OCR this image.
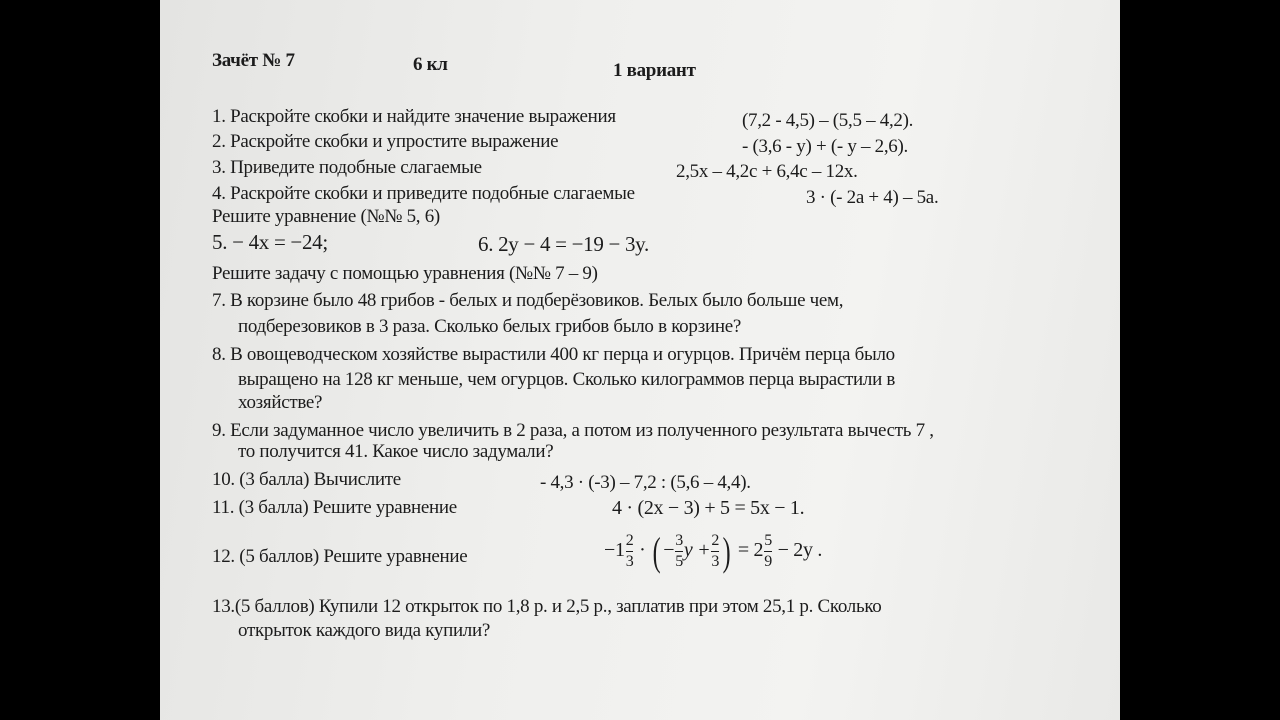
Зачёт № 7	6 кл	1 вариант
1. Раскройте скобки и найдите значение выражения	(7,2 - 4,5) – (5,5 – 4,2).
2. Раскройте скобки и упростите выражение	- (3,6 - y) + (- y – 2,6).
3. Приведите подобные слагаемые	2,5x – 4,2c + 6,4c – 12x.
4. Раскройте скобки и приведите подобные слагаемые	3 · (- 2a + 4) – 5a.
Решите уравнение (№№ 5, 6)
5. − 4x = −24;	6. 2y − 4 = −19 − 3y.
Решите задачу с помощью уравнения (№№ 7 – 9)
7. В корзине было 48 грибов - белых и подберёзовиков. Белых было больше чем,
подберезовиков в 3 раза. Сколько белых грибов было в корзине?
8. В овощеводческом хозяйстве вырастили 400 кг перца и огурцов. Причём перца было
выращено на 128 кг меньше, чем огурцов. Сколько килограммов перца вырастили в
хозяйстве?
9. Если задуманное число увеличить в 2 раза, а потом из полученного результата вычесть 7 ,
то получится 41. Какое число задумали?
10. (3 балла) Вычислите	- 4,3 · (-3) – 7,2 : (5,6 – 4,4).
11. (3 балла) Решите уравнение	4 · (2x − 3) + 5 = 5x − 1.
12. (5 баллов) Решите уравнение	$-1 \frac{2}{3}$ · ( − $\frac{3}{5}$ $y + \frac{2}{3}$ ) = $2 \frac{5}{9} - 2y$ .
13.(5 баллов) Купили 12 открыток по 1,8 р. и 2,5 р., заплатив при этом 25,1 р. Сколько
открыток каждого вида купили?
